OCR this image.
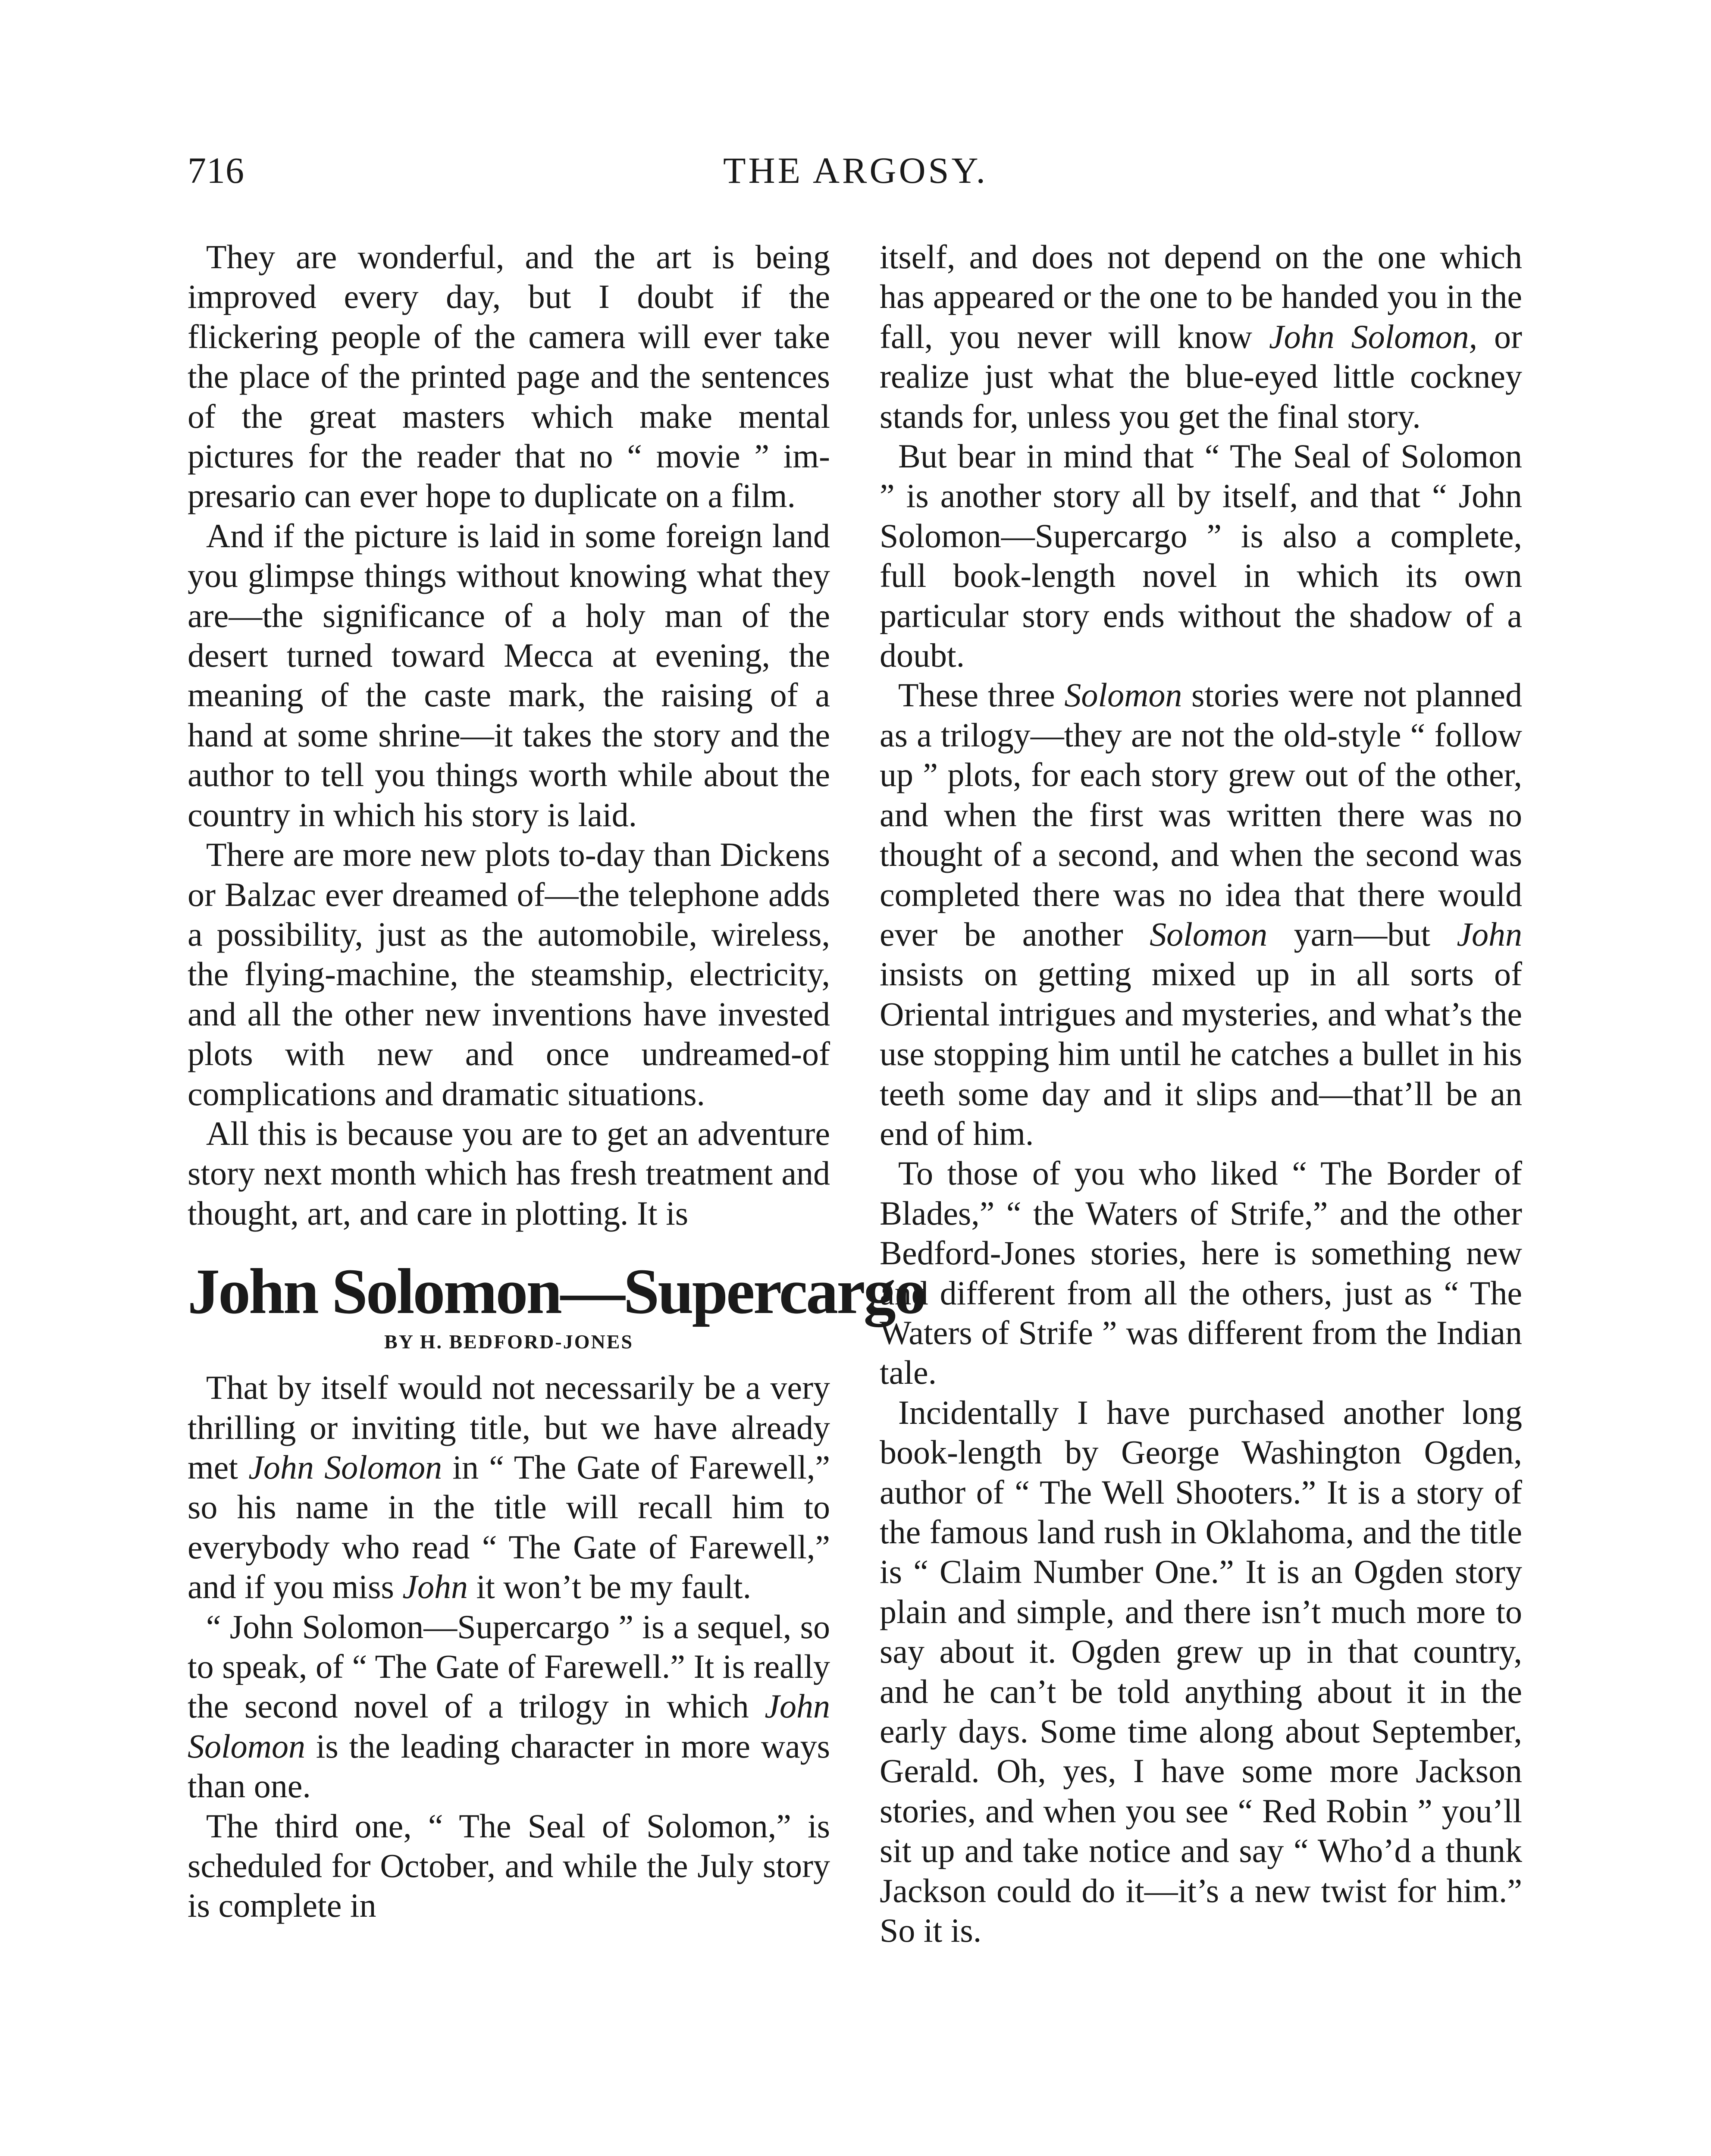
716	THE ARGOSY.

They are wonderful, and the art is being improved every day, but I doubt if the flickering people of the camera will ever take the place of the printed page and the sentences of the great masters which make mental pictures for the reader that no “ movie ” impresario can ever hope to duplicate on a film.

And if the picture is laid in some foreign land you glimpse things without knowing what they are—the significance of a holy man of the desert turned toward Mecca at evening, the meaning of the caste mark, the raising of a hand at some shrine—it takes the story and the author to tell you things worth while about the country in which his story is laid.

There are more new plots to-day than Dickens or Balzac ever dreamed of—the telephone adds a possibility, just as the automobile, wireless, the flying-machine, the steamship, electricity, and all the other new inventions have invested plots with new and once undreamed-of complications and dramatic situations.

All this is because you are to get an adventure story next month which has fresh treatment and thought, art, and care in plotting. It is

John Solomon—Supercargo
BY H. BEDFORD-JONES

That by itself would not necessarily be a very thrilling or inviting title, but we have already met John Solomon in “ The Gate of Farewell,” so his name in the title will recall him to everybody who read “ The Gate of Farewell,” and if you miss John it won’t be my fault.

“ John Solomon—Supercargo ” is a sequel, so to speak, of “ The Gate of Farewell.” It is really the second novel of a trilogy in which John Solomon is the leading character in more ways than one.

The third one, “ The Seal of Solomon,” is scheduled for October, and while the July story is complete in

itself, and does not depend on the one which has appeared or the one to be handed you in the fall, you never will know John Solomon, or realize just what the blue-eyed little cockney stands for, unless you get the final story.

But bear in mind that “ The Seal of Solomon ” is another story all by itself, and that “ John Solomon—Supercargo ” is also a complete, full book-length novel in which its own particular story ends without the shadow of a doubt.

These three Solomon stories were not planned as a trilogy—they are not the old-style “ follow up ” plots, for each story grew out of the other, and when the first was written there was no thought of a second, and when the second was completed there was no idea that there would ever be another Solomon yarn—but John insists on getting mixed up in all sorts of Oriental intrigues and mysteries, and what’s the use stopping him until he catches a bullet in his teeth some day and it slips and—that’ll be an end of him.

To those of you who liked “ The Border of Blades,” “ the Waters of Strife,” and the other Bedford-Jones stories, here is something new and different from all the others, just as “ The Waters of Strife ” was different from the Indian tale.

Incidentally I have purchased another long book-length by George Washington Ogden, author of “ The Well Shooters.” It is a story of the famous land rush in Oklahoma, and the title is “ Claim Number One.” It is an Ogden story plain and simple, and there isn’t much more to say about it. Ogden grew up in that country, and he can’t be told anything about it in the early days. Some time along about September, Gerald. Oh, yes, I have some more Jackson stories, and when you see “ Red Robin ” you’ll sit up and take notice and say “ Who’d a thunk Jackson could do it—it’s a new twist for him.” So it is.
